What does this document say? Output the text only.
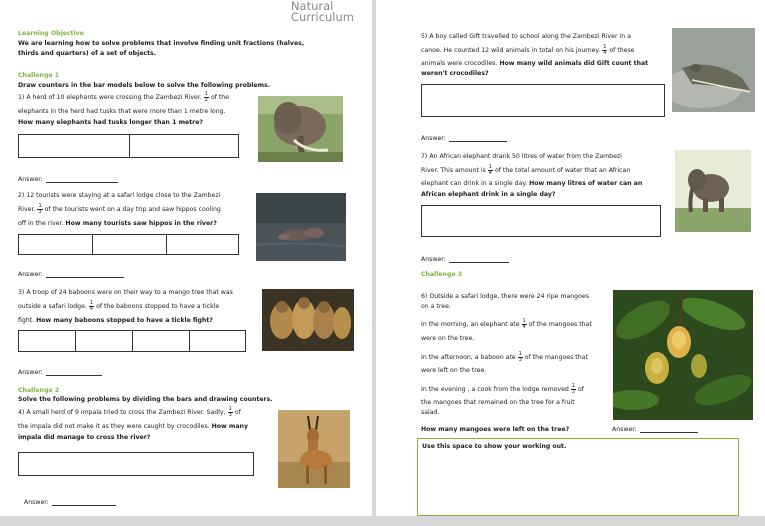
Natural
Curriculum
Learning Objective
We are learning how to solve problems that involve finding unit fractions (halves,
thirds and quarters) of a set of objects.
Challenge 1
Draw counters in the bar models below to solve the following problems.
1) A herd of 10 elephants were crossing the Zambezi River. $\frac{1}{2}$ of the
elephants in the herd had tusks that were more than 1 metre long.
How many elephants had tusks longer than 1 metre?
Answer:
2) 12 tourists were staying at a safari lodge close to the Zambezi
River. $\frac{1}{3}$ of the tourists went on a day trip and saw hippos cooling
off in the river. How many tourists saw hippos in the river?
Answer:
3) A troop of 24 baboons were on their way to a mango tree that was
outside a safari lodge. $\frac{1}{4}$ of the baboons stopped to have a tickle
fight. How many baboons stopped to have a tickle fight?
Answer:
Challenge 2
Solve the following problems by dividing the bars and drawing counters.
4) A small herd of 9 impala tried to cross the Zambezi River. Sadly, $\frac{1}{3}$ of
the impala did not make it as they were caught by crocodiles. How many
impala did manage to cross the river?
Answer:
5) A boy called Gift travelled to school along the Zambezi River in a
canoe. He counted 12 wild animals in total on his journey. $\frac{1}{4}$ of these
animals were crocodiles. How many wild animals did Gift count that
weren't crocodiles?
Answer:
7) An African elephant drank 50 litres of water from the Zambezi
River. This amount is $\frac{1}{4}$ of the total amount of water that an African
elephant can drink in a single day. How many litres of water can an
African elephant drink in a single day?
Answer:
Challenge 3
6) Outside a safari lodge, there were 24 ripe mangoes
on a tree.
In the morning, an elephant ate $\frac{1}{4}$ of the mangoes that
were on the tree.
In the afternoon, a baboon ate $\frac{1}{3}$ of the mangoes that
were left on the tree.
In the evening , a cook from the lodge removed $\frac{1}{2}$ of
the mangoes that remained on the tree for a fruit
salad.
How many mangoes were left on the tree?	Answer:
Use this space to show your working out.
